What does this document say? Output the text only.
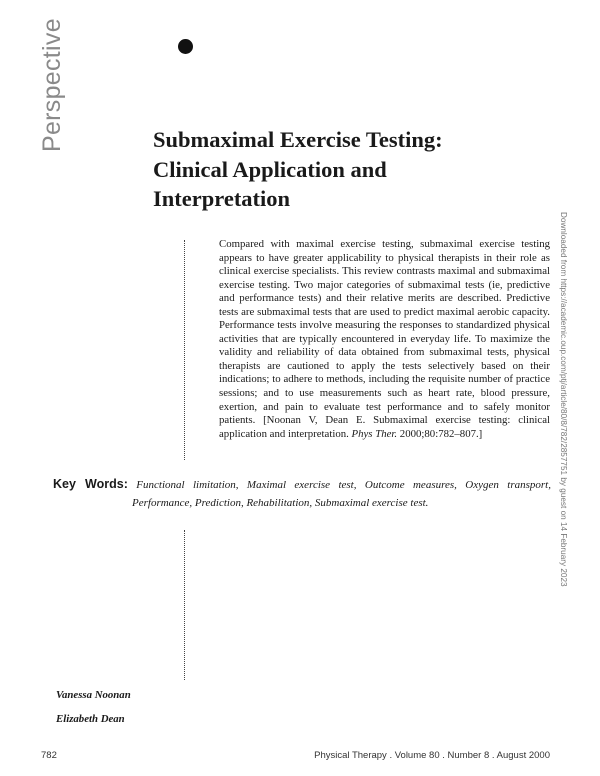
Perspective	Submaximal Exercise Testing:
Clinical Application and
Interpretation
Compared with maximal exercise testing, submaximal exercise testing appears to have greater applicability to physical therapists in their role as clinical exercise specialists. This review contrasts maximal and submaximal exercise testing. Two major categories of submaximal tests (ie, predictive and performance tests) and their relative merits are described. Predictive tests are submaximal tests that are used to predict maximal aerobic capacity. Performance tests involve measuring the responses to standardized physical activities that are typically encountered in everyday life. To maximize the validity and reliability of data obtained from submaximal tests, physical therapists are cautioned to apply the tests selectively based on their indications; to adhere to methods, including the requisite number of practice sessions; and to use measurements such as heart rate, blood pressure, exertion, and pain to evaluate test performance and to safely monitor patients. [Noonan V, Dean E. Submaximal exercise testing: clinical application and interpretation. Phys Ther. 2000;80:782–807.]
Key Words: Functional limitation, Maximal exercise test, Outcome measures, Oxygen transport,
Performance, Prediction, Rehabilitation, Submaximal exercise test.
Vanessa Noonan
Elizabeth Dean
782	Physical Therapy . Volume 80 . Number 8 . August 2000
Downloaded from https://academic.oup.com/ptj/article/80/8/782/2857751 by guest on 14 February 2023
